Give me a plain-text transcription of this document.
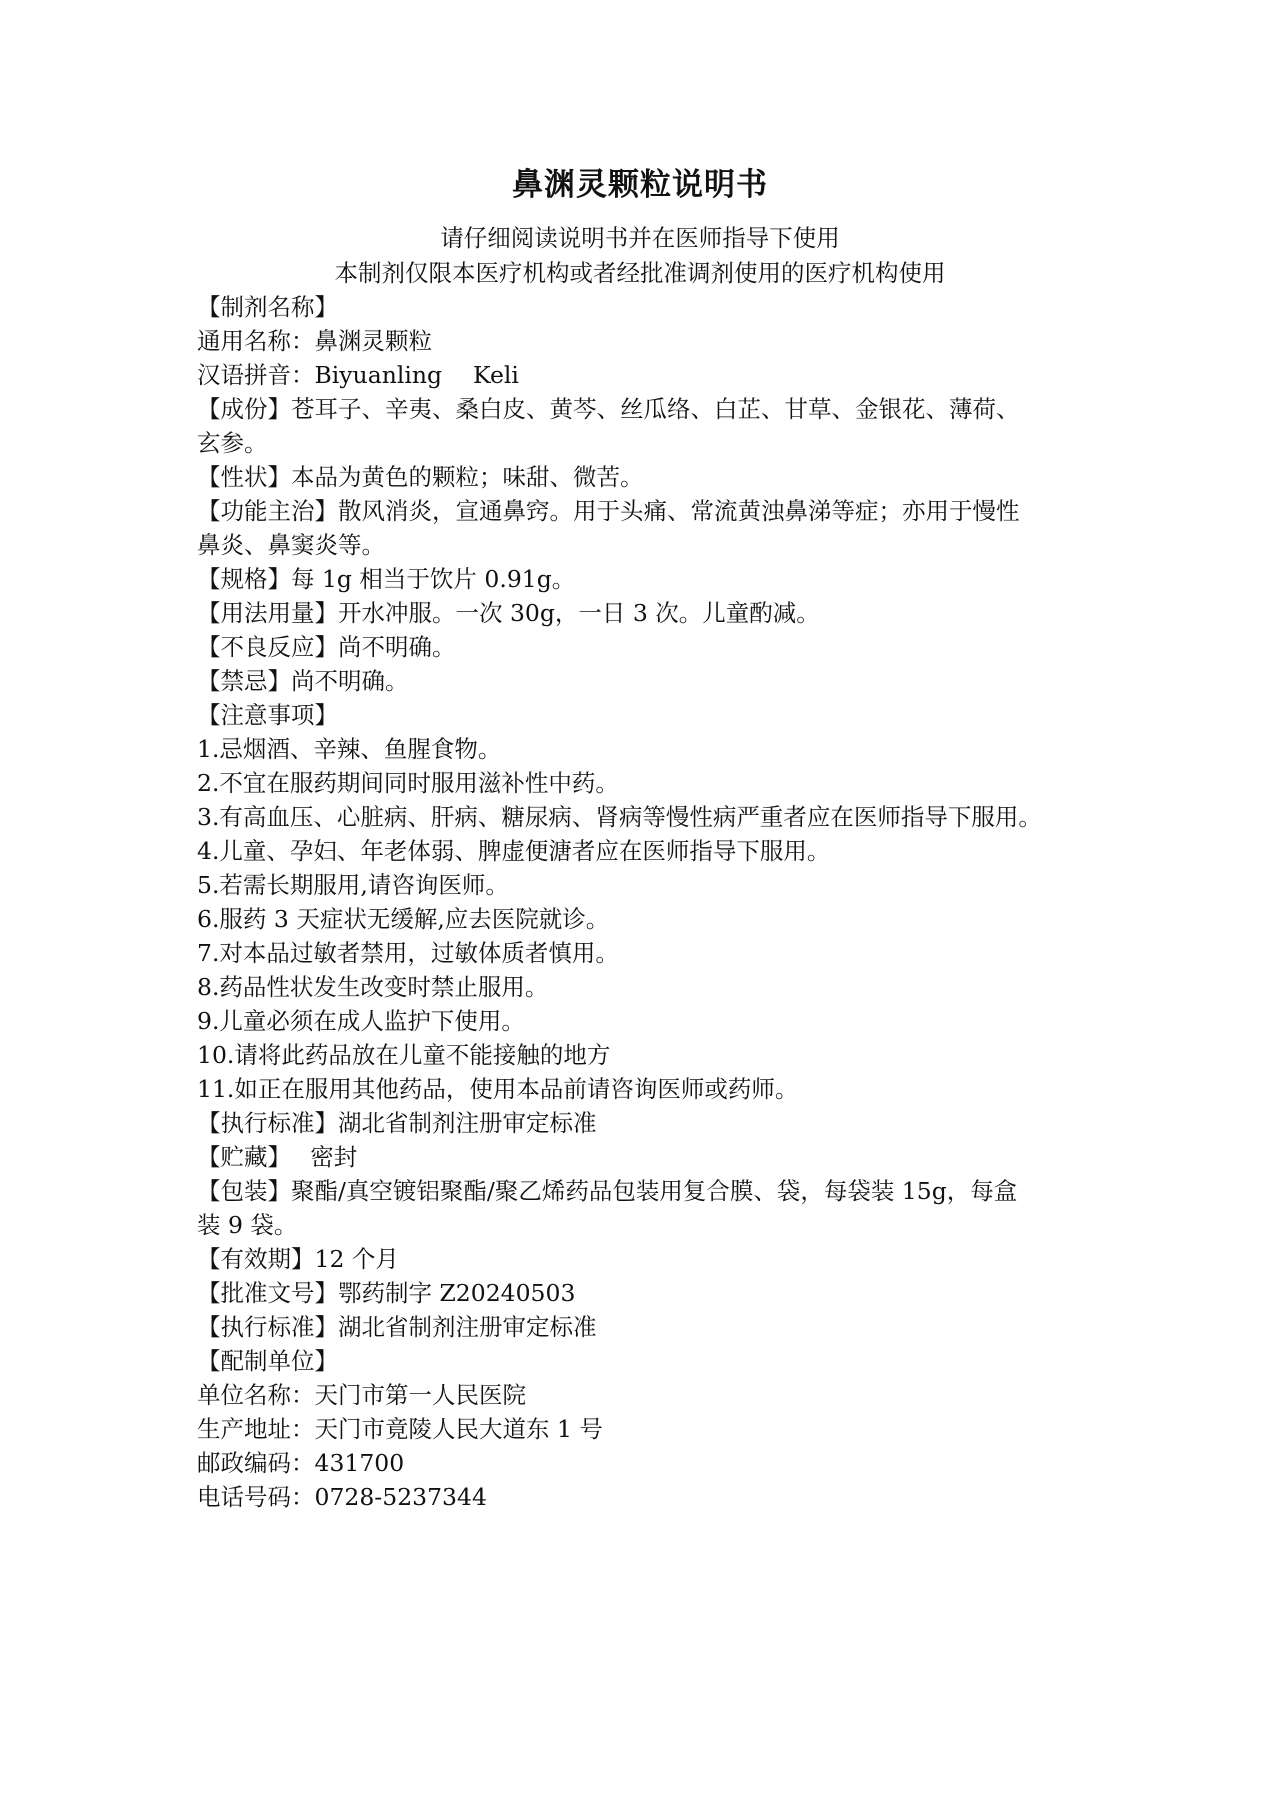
鼻渊灵颗粒说明书
请仔细阅读说明书并在医师指导下使用
本制剂仅限本医疗机构或者经批准调剂使用的医疗机构使用
【制剂名称】
通用名称：鼻渊灵颗粒
汉语拼音：Biyuanling　 Keli
【成份】苍耳子、辛夷、桑白皮、黄芩、丝瓜络、白芷、甘草、金银花、薄荷、
玄参。
【性状】本品为黄色的颗粒；味甜、微苦。
【功能主治】散风消炎，宣通鼻窍。用于头痛、常流黄浊鼻涕等症；亦用于慢性
鼻炎、鼻窦炎等。
【规格】每 1g 相当于饮片 0.91g。
【用法用量】开水冲服。一次 30g，一日 3 次。儿童酌减。
【不良反应】尚不明确。
【禁忌】尚不明确。
【注意事项】
1.忌烟酒、辛辣、鱼腥食物。
2.不宜在服药期间同时服用滋补性中药。
3.有高血压、心脏病、肝病、糖尿病、肾病等慢性病严重者应在医师指导下服用。
4.儿童、孕妇、年老体弱、脾虚便溏者应在医师指导下服用。
5.若需长期服用,请咨询医师。
6.服药 3 天症状无缓解,应去医院就诊。
7.对本品过敏者禁用，过敏体质者慎用。
8.药品性状发生改变时禁止服用。
9.儿童必须在成人监护下使用。
10.请将此药品放在儿童不能接触的地方
11.如正在服用其他药品，使用本品前请咨询医师或药师。
【执行标准】湖北省制剂注册审定标准
【贮藏】　 密封
【包装】聚酯/真空镀铝聚酯/聚乙烯药品包装用复合膜、袋，每袋装 15g，每盒
装 9 袋。
【有效期】12 个月
【批准文号】鄂药制字 Z20240503
【执行标准】湖北省制剂注册审定标准
【配制单位】
单位名称：天门市第一人民医院
生产地址：天门市竟陵人民大道东 1 号
邮政编码：431700
电话号码：0728-5237344
